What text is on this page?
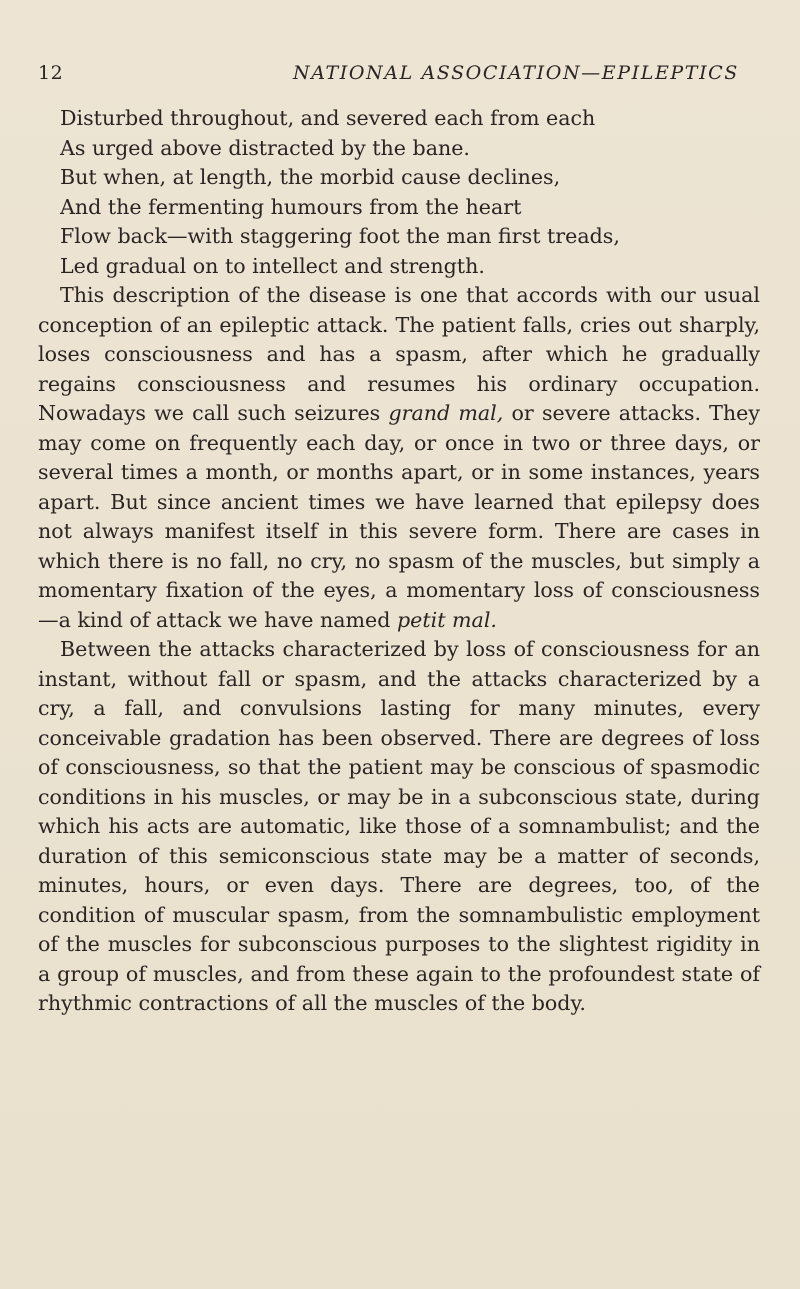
12	NATIONAL ASSOCIATION—EPILEPTICS

Disturbed throughout, and severed each from each
As urged above distracted by the bane.
But when, at length, the morbid cause declines,
And the fermenting humours from the heart
Flow back—with staggering foot the man first treads,
Led gradual on to intellect and strength.

This description of the disease is one that accords with our usual conception of an epileptic attack. The patient falls, cries out sharply, loses consciousness and has a spasm, after which he gradually regains consciousness and resumes his ordinary occupation. Nowadays we call such seizures grand mal, or severe attacks. They may come on frequently each day, or once in two or three days, or several times a month, or months apart, or in some instances, years apart. But since ancient times we have learned that epilepsy does not always manifest itself in this severe form. There are cases in which there is no fall, no cry, no spasm of the muscles, but simply a momentary fixation of the eyes, a momentary loss of consciousness—a kind of attack we have named petit mal.

Between the attacks characterized by loss of consciousness for an instant, without fall or spasm, and the attacks characterized by a cry, a fall, and convulsions lasting for many minutes, every conceivable gradation has been observed. There are degrees of loss of consciousness, so that the patient may be conscious of spasmodic conditions in his muscles, or may be in a subconscious state, during which his acts are automatic, like those of a somnambulist; and the duration of this semiconscious state may be a matter of seconds, minutes, hours, or even days. There are degrees, too, of the condition of muscular spasm, from the somnambulistic employment of the muscles for subconscious purposes to the slightest rigidity in a group of muscles, and from these again to the profoundest state of rhythmic contractions of all the muscles of the body.
